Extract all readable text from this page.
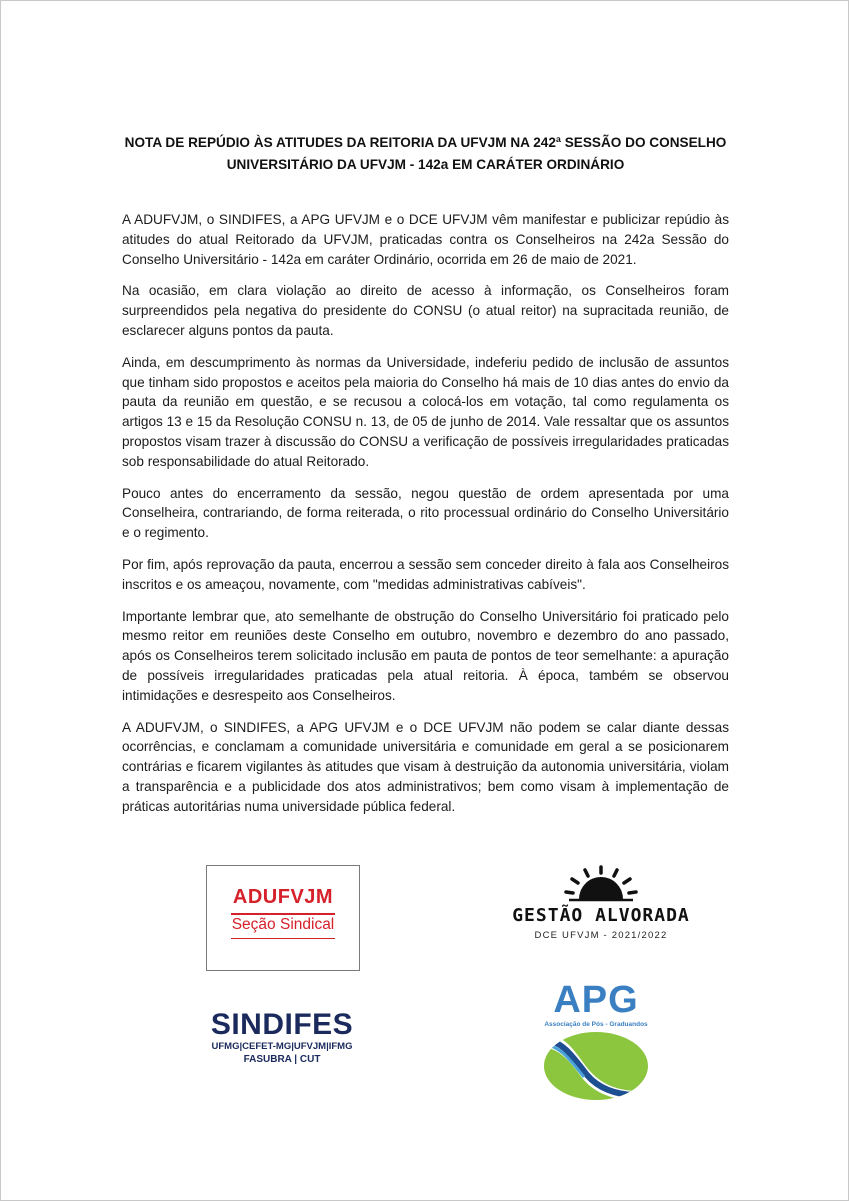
NOTA DE REPÚDIO ÀS ATITUDES DA REITORIA DA UFVJM NA 242ª SESSÃO DO CONSELHO
UNIVERSITÁRIO DA UFVJM - 142a EM CARÁTER ORDINÁRIO

A ADUFVJM, o SINDIFES, a APG UFVJM e o DCE UFVJM vêm manifestar e publicizar repúdio às atitudes do atual Reitorado da UFVJM, praticadas contra os Conselheiros na 242a Sessão do Conselho Universitário - 142a em caráter Ordinário, ocorrida em 26 de maio de 2021.

Na ocasião, em clara violação ao direito de acesso à informação, os Conselheiros foram surpreendidos pela negativa do presidente do CONSU (o atual reitor) na supracitada reunião, de esclarecer alguns pontos da pauta.

Ainda, em descumprimento às normas da Universidade, indeferiu pedido de inclusão de assuntos que tinham sido propostos e aceitos pela maioria do Conselho há mais de 10 dias antes do envio da pauta da reunião em questão, e se recusou a colocá-los em votação, tal como regulamenta os artigos 13 e 15 da Resolução CONSU n. 13, de 05 de junho de 2014. Vale ressaltar que os assuntos propostos visam trazer à discussão do CONSU a verificação de possíveis irregularidades praticadas sob responsabilidade do atual Reitorado.

Pouco antes do encerramento da sessão, negou questão de ordem apresentada por uma Conselheira, contrariando, de forma reiterada, o rito processual ordinário do Conselho Universitário e o regimento.

Por fim, após reprovação da pauta, encerrou a sessão sem conceder direito à fala aos Conselheiros inscritos e os ameaçou, novamente, com "medidas administrativas cabíveis".

Importante lembrar que, ato semelhante de obstrução do Conselho Universitário foi praticado pelo mesmo reitor em reuniões deste Conselho em outubro, novembro e dezembro do ano passado, após os Conselheiros terem solicitado inclusão em pauta de pontos de teor semelhante: a apuração de possíveis irregularidades praticadas pela atual reitoria. À época, também se observou intimidações e desrespeito aos Conselheiros.

A ADUFVJM, o SINDIFES, a APG UFVJM e o DCE UFVJM não podem se calar diante dessas ocorrências, e conclamam a comunidade universitária e comunidade em geral a se posicionarem contrárias e ficarem vigilantes às atitudes que visam à destruição da autonomia universitária, violam a transparência e a publicidade dos atos administrativos; bem como visam à implementação de práticas autoritárias numa universidade pública federal.

ADUFVJM
Seção Sindical	GESTÃO ALVORADA
DCE UFVJM - 2021/2022
SINDIFES
UFMG|CEFET-MG|UFVJM|IFMG
FASUBRA | CUT
APG
Associação de Pós - Graduandos
